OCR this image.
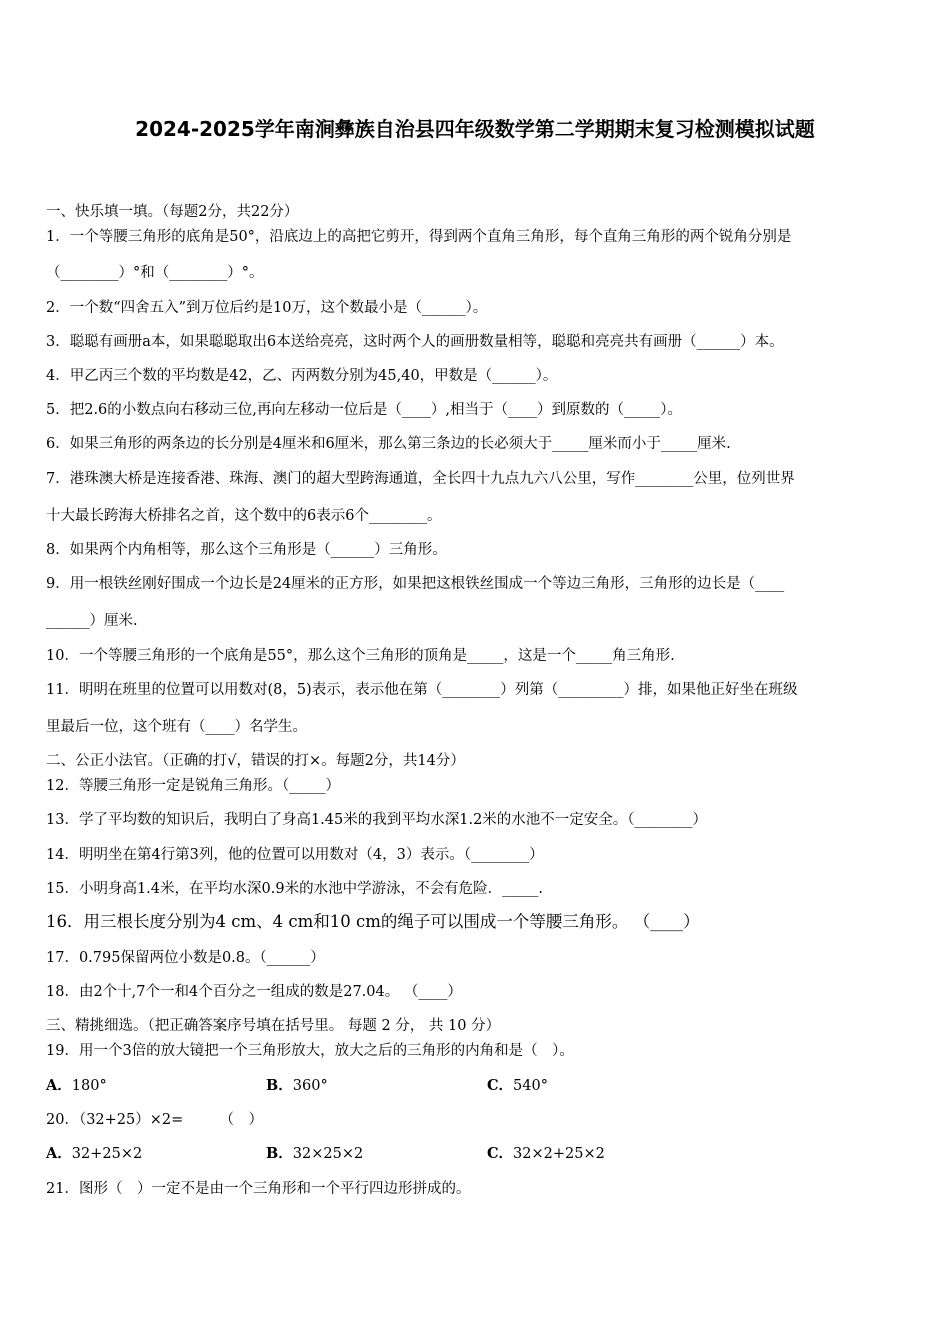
2024-2025学年南涧彝族自治县四年级数学第二学期期末复习检测模拟试题
一、快乐填一填。（每题2分，共22分）
1．一个等腰三角形的底角是50°，沿底边上的高把它剪开，得到两个直角三角形，每个直角三角形的两个锐角分别是
（________）°和（________）°。
2．一个数“四舍五入”到万位后约是10万，这个数最小是（______）。
3．聪聪有画册a本，如果聪聪取出6本送给亮亮，这时两个人的画册数量相等，聪聪和亮亮共有画册（______）本。
4．甲乙丙三个数的平均数是42，乙、丙两数分别为45,40，甲数是（______）。
5．把2.6的小数点向右移动三位,再向左移动一位后是（____）,相当于（____）到原数的（_____）。
6．如果三角形的两条边的长分别是4厘米和6厘米，那么第三条边的长必须大于_____厘米而小于_____厘米.
7．港珠澳大桥是连接香港、珠海、澳门的超大型跨海通道，全长四十九点九六八公里，写作________公里，位列世界
十大最长跨海大桥排名之首，这个数中的6表示6个________。
8．如果两个内角相等，那么这个三角形是（______）三角形。
9．用一根铁丝刚好围成一个边长是24厘米的正方形，如果把这根铁丝围成一个等边三角形，三角形的边长是（____
______）厘米.
10．一个等腰三角形的一个底角是55°，那么这个三角形的顶角是_____，这是一个_____角三角形.
11．明明在班里的位置可以用数对(8，5)表示，表示他在第（________）列第（_________）排，如果他正好坐在班级
里最后一位，这个班有（____）名学生。
二、公正小法官。（正确的打√，错误的打×。每题2分，共14分）
12．等腰三角形一定是锐角三角形。（_____）
13．学了平均数的知识后，我明白了身高1.45米的我到平均水深1.2米的水池不一定安全。（________）
14．明明坐在第4行第3列，他的位置可以用数对（4，3）表示。（________）
15．小明身高1.4米，在平均水深0.9米的水池中学游泳，不会有危险．_____.
16．用三根长度分别为4 cm、4 cm和10 cm的绳子可以围成一个等腰三角形。 （____）
17．0.795保留两位小数是0.8。（______）
18．由2个十,7个一和4个百分之一组成的数是27.04。 （____）
三、精挑细选。（把正确答案序号填在括号里。 每题 2 分， 共 10 分）
19．用一个3倍的放大镜把一个三角形放大，放大之后的三角形的内角和是（　）。
A．180°	B．360°	C．540°
20．（32+25）×2=　　　（　）
A．32+25×2	B．32×25×2	C．32×2+25×2
21．图形（　）一定不是由一个三角形和一个平行四边形拼成的。
